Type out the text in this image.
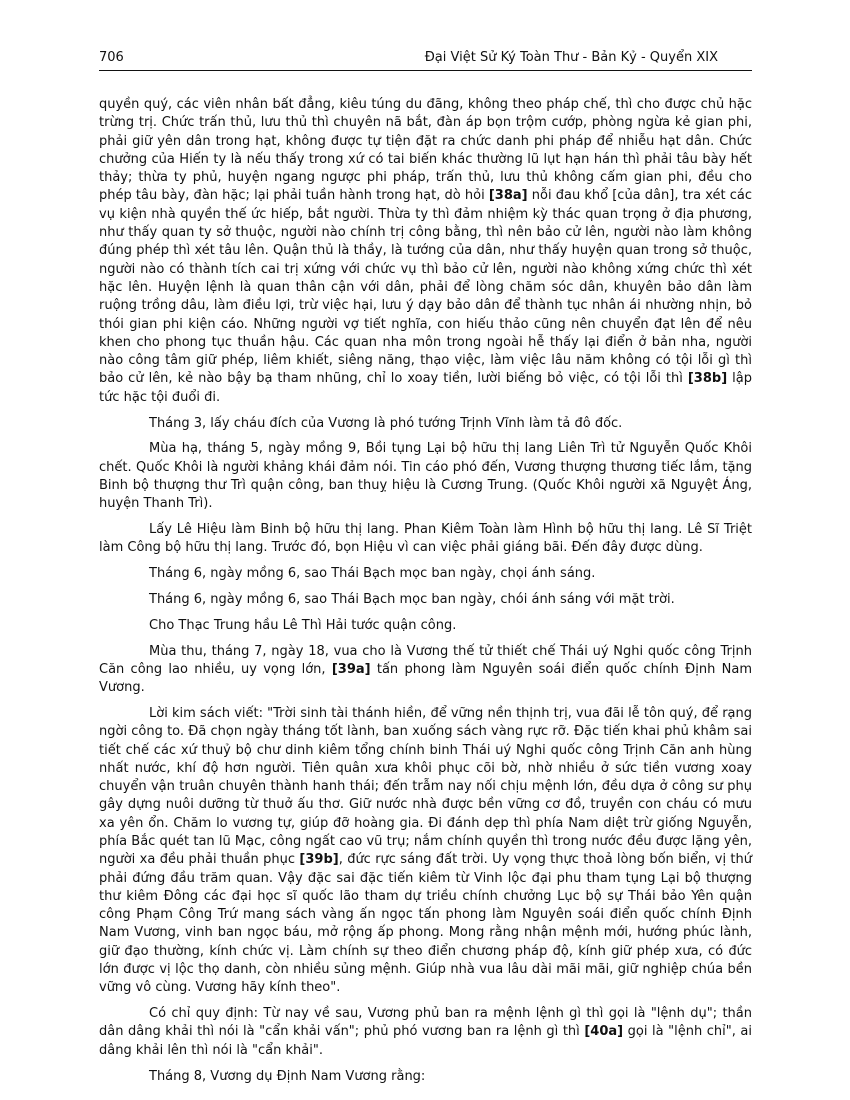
706	Đại Việt Sử Ký Toàn Thư - Bản Kỷ - Quyển XIX

quyền quý, các viên nhân bất đẳng, kiêu túng du đãng, không theo pháp chế, thì cho được chủ hặc trừng trị. Chức trấn thủ, lưu thủ thì chuyên nã bắt, đàn áp bọn trộm cướp, phòng ngừa kẻ gian phi, phải giữ yên dân trong hạt, không được tự tiện đặt ra chức danh phi pháp để nhiễu hạt dân. Chức chưởng của Hiến ty là nếu thấy trong xứ có tai biến khác thường lũ lụt hạn hán thì phải tâu bày hết thảy; thừa ty phủ, huyện ngang ngược phi pháp, trấn thủ, lưu thủ không cấm gian phi, đều cho phép tâu bày, đàn hặc; lại phải tuần hành trong hạt, dò hỏi [38a] nỗi đau khổ [của dân], tra xét các vụ kiện nhà quyền thế ức hiếp, bắt người. Thừa ty thì đảm nhiệm kỳ thác quan trọng ở địa phương, như thấy quan ty sở thuộc, người nào chính trị công bằng, thì nên bảo cử lên, người nào làm không đúng phép thì xét tâu lên. Quận thủ là thầy, là tướng của dân, như thấy huyện quan trong sở thuộc, người nào có thành tích cai trị xứng với chức vụ thì bảo cử lên, người nào không xứng chức thì xét hặc lên. Huyện lệnh là quan thân cận với dân, phải để lòng chăm sóc dân, khuyên bảo dân làm ruộng trồng dâu, làm điều lợi, trừ việc hại, lưu ý dạy bảo dân để thành tục nhân ái nhường nhịn, bỏ thói gian phi kiện cáo. Những người vợ tiết nghĩa, con hiếu thảo cũng nên chuyển đạt lên để nêu khen cho phong tục thuần hậu. Các quan nha môn trong ngoài hễ thấy lại điển ở bản nha, người nào công tâm giữ phép, liêm khiết, siêng năng, thạo việc, làm việc lâu năm không có tội lỗi gì thì bảo cử lên, kẻ nào bậy bạ tham nhũng, chỉ lo xoay tiền, lười biếng bỏ việc, có tội lỗi thì [38b] lập tức hặc tội đuổi đi.

Tháng 3, lấy cháu đích của Vương là phó tướng Trịnh Vĩnh làm tả đô đốc.

Mùa hạ, tháng 5, ngày mồng 9, Bồi tụng Lại bộ hữu thị lang Liên Trì tử Nguyễn Quốc Khôi chết. Quốc Khôi là người khảng khái đảm nói. Tin cáo phó đến, Vương thượng thương tiếc lắm, tặng Binh bộ thượng thư Trì quận công, ban thuỵ hiệu là Cương Trung. (Quốc Khôi người xã Nguyệt Áng, huyện Thanh Trì).

Lấy Lê Hiệu làm Binh bộ hữu thị lang. Phan Kiêm Toàn làm Hình bộ hữu thị lang. Lê Sĩ Triệt làm Công bộ hữu thị lang. Trước đó, bọn Hiệu vì can việc phải giáng bãi. Đến đây được dùng.

Tháng 6, ngày mồng 6, sao Thái Bạch mọc ban ngày, chọi ánh sáng.

Tháng 6, ngày mồng 6, sao Thái Bạch mọc ban ngày, chói ánh sáng với mặt trời.

Cho Thạc Trung hầu Lê Thì Hải tước quận công.

Mùa thu, tháng 7, ngày 18, vua cho là Vương thế tử thiết chế Thái uý Nghi quốc công Trịnh Căn công lao nhiều, uy vọng lớn, [39a] tấn phong làm Nguyên soái điển quốc chính Định Nam Vương.

Lời kim sách viết: "Trời sinh tài thánh hiền, để vững nền thịnh trị, vua đãi lễ tôn quý, để rạng ngời công to. Đã chọn ngày tháng tốt lành, ban xuống sách vàng rực rỡ. Đặc tiến khai phủ khâm sai tiết chế các xứ thuỷ bộ chư dinh kiêm tổng chính binh Thái uý Nghi quốc công Trịnh Căn anh hùng nhất nước, khí độ hơn người. Tiên quân xưa khôi phục cõi bờ, nhờ nhiều ở sức tiền vương xoay chuyển vận truân chuyên thành hanh thái; đến trẫm nay nối chịu mệnh lớn, đều dựa ở công sư phụ gây dựng nuôi dưỡng từ thuở ấu thơ. Giữ nước nhà được bền vững cơ đồ, truyền con cháu có mưu xa yên ổn. Chăm lo vương tự, giúp đỡ hoàng gia. Đi đánh dẹp thì phía Nam diệt trừ giống Nguyễn, phía Bắc quét tan lũ Mạc, công ngất cao vũ trụ; nắm chính quyền thì trong nước đều được lặng yên, người xa đều phải thuần phục [39b], đức rực sáng đất trời. Uy vọng thực thoả lòng bốn biển, vị thứ phải đứng đầu trăm quan. Vậy đặc sai đặc tiến kiêm từ Vinh lộc đại phu tham tụng Lại bộ thượng thư kiêm Đông các đại học sĩ quốc lão tham dự triều chính chưởng Lục bộ sự Thái bảo Yên quận công Phạm Công Trứ mang sách vàng ấn ngọc tấn phong làm Nguyên soái điển quốc chính Định Nam Vương, vinh ban ngọc báu, mở rộng ấp phong. Mong rằng nhận mệnh mới, hướng phúc lành, giữ đạo thường, kính chức vị. Làm chính sự theo điển chương pháp độ, kính giữ phép xưa, có đức lớn được vị lộc thọ danh, còn nhiều sủng mệnh. Giúp nhà vua lâu dài mãi mãi, giữ nghiệp chúa bền vững vô cùng. Vương hãy kính theo".

Có chỉ quy định: Từ nay về sau, Vương phủ ban ra mệnh lệnh gì thì gọi là "lệnh dụ"; thần dân dâng khải thì nói là "cẩn khải vấn"; phủ phó vương ban ra lệnh gì thì [40a] gọi là "lệnh chỉ", ai dâng khải lên thì nói là "cẩn khải".

Tháng 8, Vương dụ Định Nam Vương rằng:
